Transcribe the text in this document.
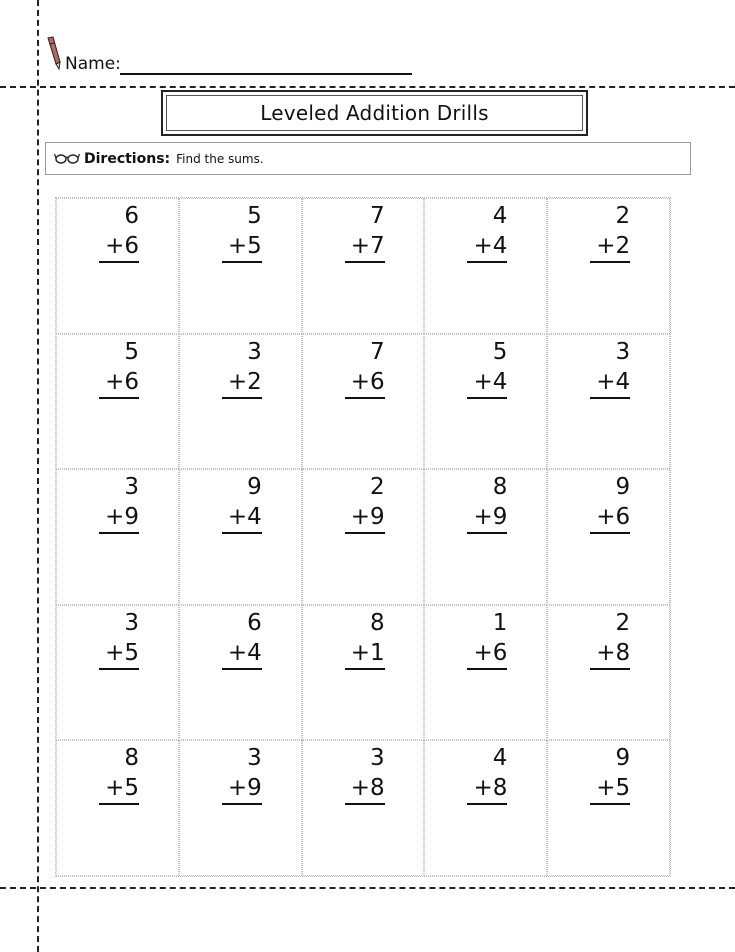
Name:
Leveled Addition Drills
Directions: Find the sums.
6
+6
5
+5
7
+7
4
+4
2
+2
5
+6
3
+2
7
+6
5
+4
3
+4
3
+9
9
+4
2
+9
8
+9
9
+6
3
+5
6
+4
8
+1
1
+6
2
+8
8
+5
3
+9
3
+8
4
+8
9
+5
